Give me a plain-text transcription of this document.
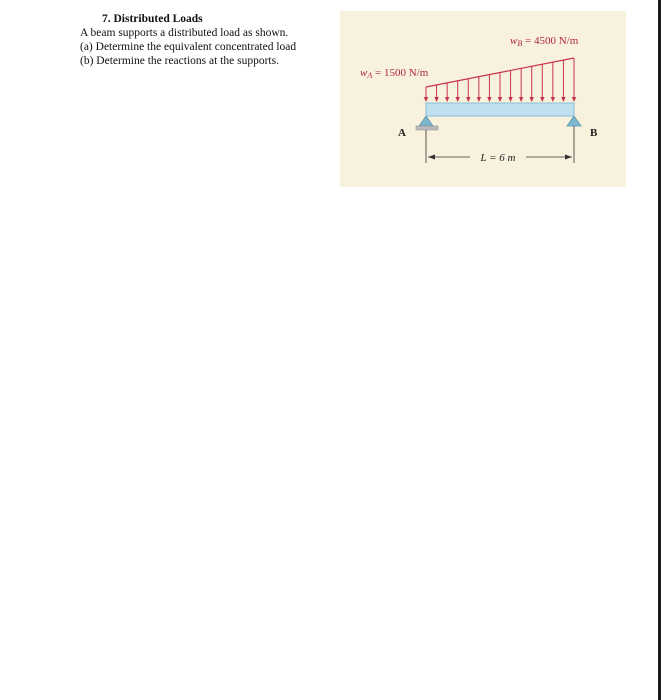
7. Distributed Loads
A beam supports a distributed load as shown.
(a) Determine the equivalent concentrated load
(b) Determine the reactions at the supports.
wB = 4500 N/m
wA = 1500 N/m
A	B
L = 6 m
